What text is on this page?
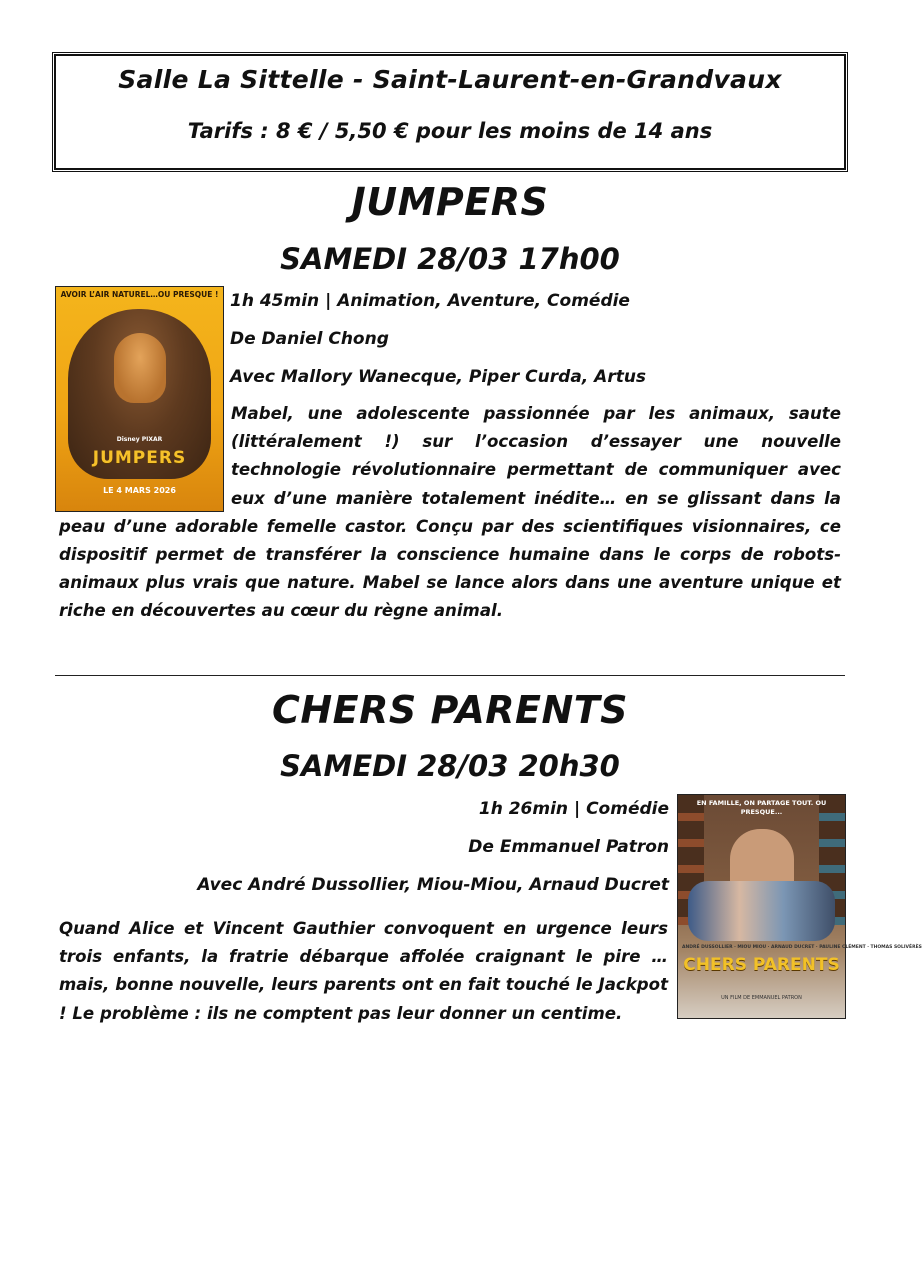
Salle La Sittelle - Saint-Laurent-en-Grandvaux
Tarifs : 8 € / 5,50 € pour les moins de 14 ans
JUMPERS
SAMEDI 28/03 17h00
AVOIR L’AIR NATUREL…OU PRESQUE !
Disney PIXAR
JUMPERS
LE 4 MARS 2026
1h 45min | Animation, Aventure, Comédie
De Daniel Chong
Avec Mallory Wanecque, Piper Curda, Artus

Mabel, une adolescente passionnée par les animaux, saute (littéralement !) sur l’occasion d’essayer une nouvelle technologie révolutionnaire permettant de communiquer avec eux d’une manière totalement inédite… en se glissant dans la peau d’une adorable femelle castor. Conçu par des scientifiques visionnaires, ce dispositif permet de transférer la conscience humaine dans le corps de robots-animaux plus vrais que nature. Mabel se lance alors dans une aventure unique et riche en découvertes au cœur du règne animal.

CHERS PARENTS
SAMEDI 28/03 20h30
1h 26min | Comédie
De Emmanuel Patron
Avec André Dussollier, Miou-Miou, Arnaud Ducret

Quand Alice et Vincent Gauthier convoquent en urgence leurs trois enfants, la fratrie débarque affolée craignant le pire … mais, bonne nouvelle, leurs parents ont en fait touché le Jackpot ! Le problème : ils ne comptent pas leur donner un centime.

EN FAMILLE, ON PARTAGE TOUT. OU PRESQUE...
ANDRÉ DUSSOLLIER · MIOU MIOU · ARNAUD DUCRET · PAULINE CLÉMENT · THOMAS SOLIVÉRÈS
CHERS PARENTS
UN FILM DE EMMANUEL PATRON
